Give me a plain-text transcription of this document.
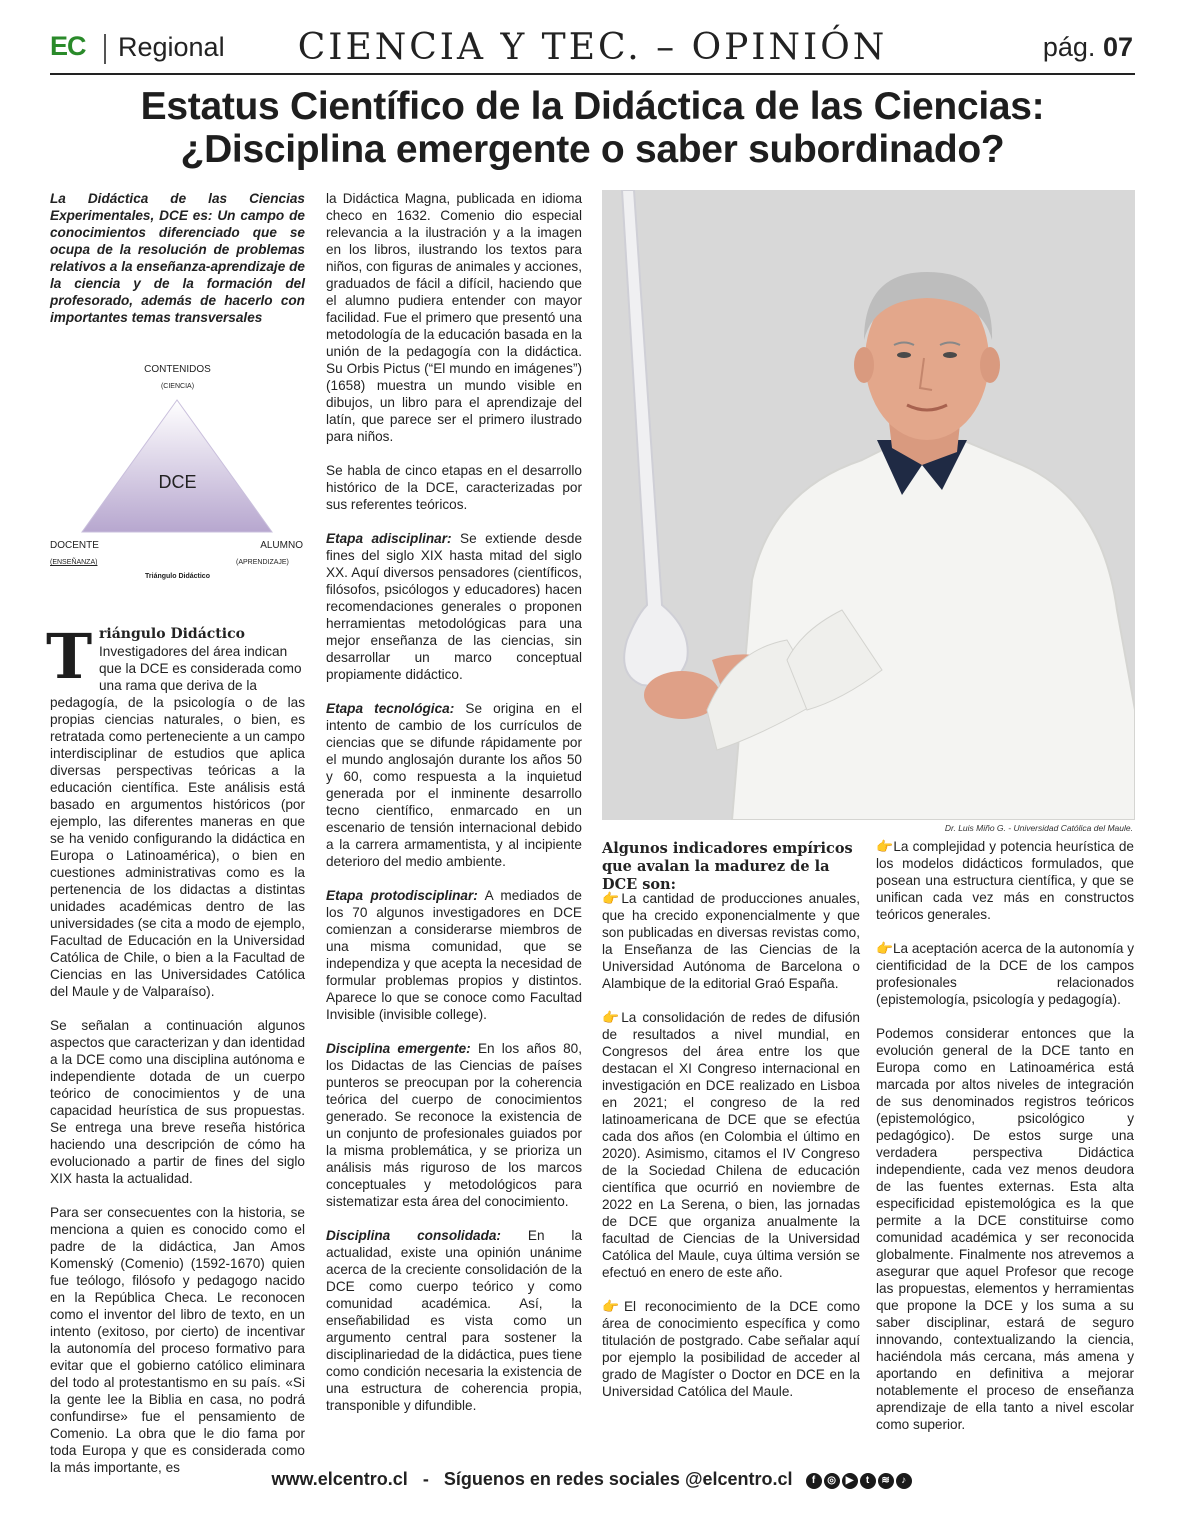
EC Regional	CIENCIA Y TEC. – OPINIÓN	pág. 07
Estatus Científico de la Didáctica de las Ciencias:
¿Disciplina emergente o saber subordinado?
La Didáctica de las Ciencias Experimentales, DCE es: Un campo de conocimientos diferenciado que se ocupa de la resolución de problemas relativos a la enseñanza-aprendizaje de la ciencia y de la formación del profesorado, además de hacerlo con importantes temas transversales
CONTENIDOS
(CIENCIA)
DCE
DOCENTE
(ENSEÑANZA)
ALUMNO
(APRENDIZAJE)
Triángulo Didáctico
T riángulo Didáctico
Investigadores del área indican
que la DCE es considerada como
una rama que deriva de la

pedagogía, de la psicología o de las propias ciencias naturales, o bien, es retratada como perteneciente a un campo interdisciplinar de estudios que aplica diversas perspectivas teóricas a la educación científica. Este análisis está basado en argumentos históricos (por ejemplo, las diferentes maneras en que se ha venido configurando la didáctica en Europa o Latinoamérica), o bien en cuestiones administrativas como es la pertenencia de los didactas a distintas unidades académicas dentro de las universidades (se cita a modo de ejemplo, Facultad de Educación en la Universidad Católica de Chile, o bien a la Facultad de Ciencias en las Universidades Católica del Maule y de Valparaíso).

Se señalan a continuación algunos aspectos que caracterizan y dan identidad a la DCE como una disciplina autónoma e independiente dotada de un cuerpo teórico de conocimientos y de una capacidad heurística de sus propuestas. Se entrega una breve reseña histórica haciendo una descripción de cómo ha evolucionado a partir de fines del siglo XIX hasta la actualidad.

Para ser consecuentes con la historia, se menciona a quien es conocido como el padre de la didáctica, Jan Amos Komenský (Comenio) (1592-1670) quien fue teólogo, filósofo y pedagogo nacido en la República Checa. Le reconocen como el inventor del libro de texto, en un intento (exitoso, por cierto) de incentivar la autonomía del proceso formativo para evitar que el gobierno católico eliminara del todo al protestantismo en su país. «Si la gente lee la Biblia en casa, no podrá confundirse» fue el pensamiento de Comenio. La obra que le dio fama por toda Europa y que es considerada como la más importante, es

la Didáctica Magna, publicada en idioma checo en 1632. Comenio dio especial relevancia a la ilustración y a la imagen en los libros, ilustrando los textos para niños, con figuras de animales y acciones, graduados de fácil a difícil, haciendo que el alumno pudiera entender con mayor facilidad. Fue el primero que presentó una metodología de la educación basada en la unión de la pedagogía con la didáctica. Su Orbis Pictus (“El mundo en imágenes”) (1658) muestra un mundo visible en dibujos, un libro para el aprendizaje del latín, que parece ser el primero ilustrado para niños.

Se habla de cinco etapas en el desarrollo histórico de la DCE, caracterizadas por sus referentes teóricos.

Etapa adisciplinar: Se extiende desde fines del siglo XIX hasta mitad del siglo XX. Aquí diversos pensadores (científicos, filósofos, psicólogos y educadores) hacen recomendaciones generales o proponen herramientas metodológicas para una mejor enseñanza de las ciencias, sin desarrollar un marco conceptual propiamente didáctico.

Etapa tecnológica: Se origina en el intento de cambio de los currículos de ciencias que se difunde rápidamente por el mundo anglosajón durante los años 50 y 60, como respuesta a la inquietud generada por el inminente desarrollo tecno científico, enmarcado en un escenario de tensión internacional debido a la carrera armamentista, y al incipiente deterioro del medio ambiente.

Etapa protodisciplinar: A mediados de los 70 algunos investigadores en DCE comienzan a considerarse miembros de una misma comunidad, que se independiza y que acepta la necesidad de formular problemas propios y distintos. Aparece lo que se conoce como Facultad Invisible (invisible college).

Disciplina emergente: En los años 80, los Didactas de las Ciencias de países punteros se preocupan por la coherencia teórica del cuerpo de conocimientos generado. Se reconoce la existencia de un conjunto de profesionales guiados por la misma problemática, y se prioriza un análisis más riguroso de los marcos conceptuales y metodológicos para sistematizar esta área del conocimiento.

Disciplina consolidada: En la actualidad, existe una opinión unánime acerca de la creciente consolidación de la DCE como cuerpo teórico y como comunidad académica. Así, la enseñabilidad es vista como un argumento central para sostener la disciplinariedad de la didáctica, pues tiene como condición necesaria la existencia de una estructura de coherencia propia, transponible y difundible.

Dr. Luis Miño G. - Universidad Católica del Maule.
Algunos indicadores empíricos que avalan la madurez de la DCE son:

👉La cantidad de producciones anuales, que ha crecido exponencialmente y que son publicadas en diversas revistas como, la Enseñanza de las Ciencias de la Universidad Autónoma de Barcelona o Alambique de la editorial Graó España.

👉La consolidación de redes de difusión de resultados a nivel mundial, en Congresos del área entre los que destacan el XI Congreso internacional en investigación en DCE realizado en Lisboa en 2021; el congreso de la red latinoamericana de DCE que se efectúa cada dos años (en Colombia el último en 2020). Asimismo, citamos el IV Congreso de la Sociedad Chilena de educación científica que ocurrió en noviembre de 2022 en La Serena, o bien, las jornadas de DCE que organiza anualmente la facultad de Ciencias de la Universidad Católica del Maule, cuya última versión se efectuó en enero de este año.

👉El reconocimiento de la DCE como área de conocimiento específica y como titulación de postgrado. Cabe señalar aquí por ejemplo la posibilidad de acceder al grado de Magíster o Doctor en DCE en la Universidad Católica del Maule.

👉La complejidad y potencia heurística de los modelos didácticos formulados, que posean una estructura científica, y que se unifican cada vez más en constructos teóricos generales.

👉La aceptación acerca de la autonomía y cientificidad de la DCE de los campos profesionales relacionados (epistemología, psicología y pedagogía).

Podemos considerar entonces que la evolución general de la DCE tanto en Europa como en Latinoamérica está marcada por altos niveles de integración de sus denominados registros teóricos (epistemológico, psicológico y pedagógico). De estos surge una verdadera perspectiva Didáctica independiente, cada vez menos deudora de las fuentes externas. Esta alta especificidad epistemológica es la que permite a la DCE constituirse como comunidad académica y ser reconocida globalmente. Finalmente nos atrevemos a asegurar que aquel Profesor que recoge las propuestas, elementos y herramientas que propone la DCE y los suma a su saber disciplinar, estará de seguro innovando, contextualizando la ciencia, haciéndola más cercana, más amena y aportando en definitiva a mejorar notablemente el proceso de enseñanza aprendizaje de ella tanto a nivel escolar como superior.

www.elcentro.cl - Síguenos en redes sociales @elcentro.cl f ◎ ▶ t ≋ ♪
